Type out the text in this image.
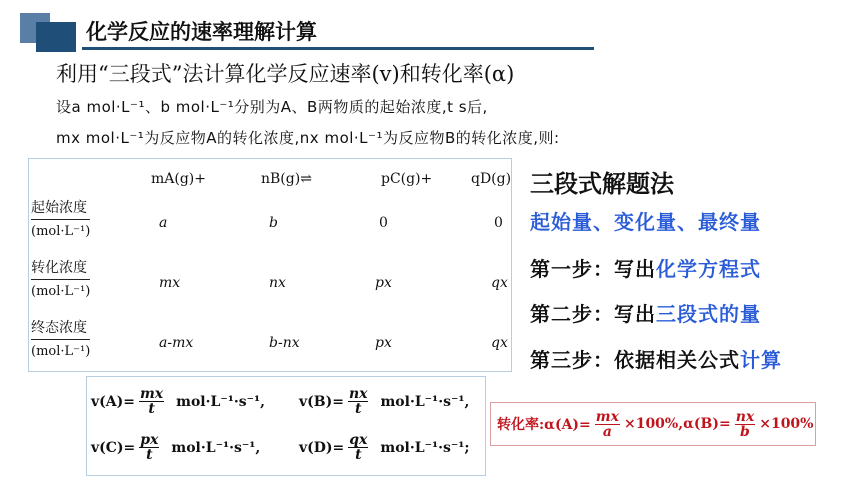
化学反应的速率理解计算
利用“三段式”法计算化学反应速率(v)和转化率(α)
设a mol·L⁻¹、b mol·L⁻¹分别为A、B两物质的起始浓度,t s后,
mx mol·L⁻¹为反应物A的转化浓度,nx mol·L⁻¹为反应物B的转化浓度,则:
mA(g)+	nB(g)⇌	pC(g)+	qD(g)
起始浓度
(mol·L⁻¹)
a	b	0	0
转化浓度
(mol·L⁻¹)
mx	nx	px	qx
终态浓度
(mol·L⁻¹)
a-mx	b-nx	px	qx
三段式解题法
起始量、变化量、最终量
第一步：写出化学方程式
第二步：写出三段式的量
第三步：依据相关公式计算
$v(A)= \frac{mx}{t} mol\cdot L^{-1}\cdot s^{-1}$, $v(B)= \frac{nx}{t} mol\cdot L^{-1}\cdot s^{-1}$,
$v(C)= \frac{px}{t} mol\cdot L^{-1}\cdot s^{-1}$,	$v(D)= \frac{qx}{t} mol\cdot L^{-1}\cdot s^{-1}$;
转化率:α(A)= $\frac{mx}{a} \times 100\%,\alpha(B)= \frac{nx}{b} \times 100\%$
